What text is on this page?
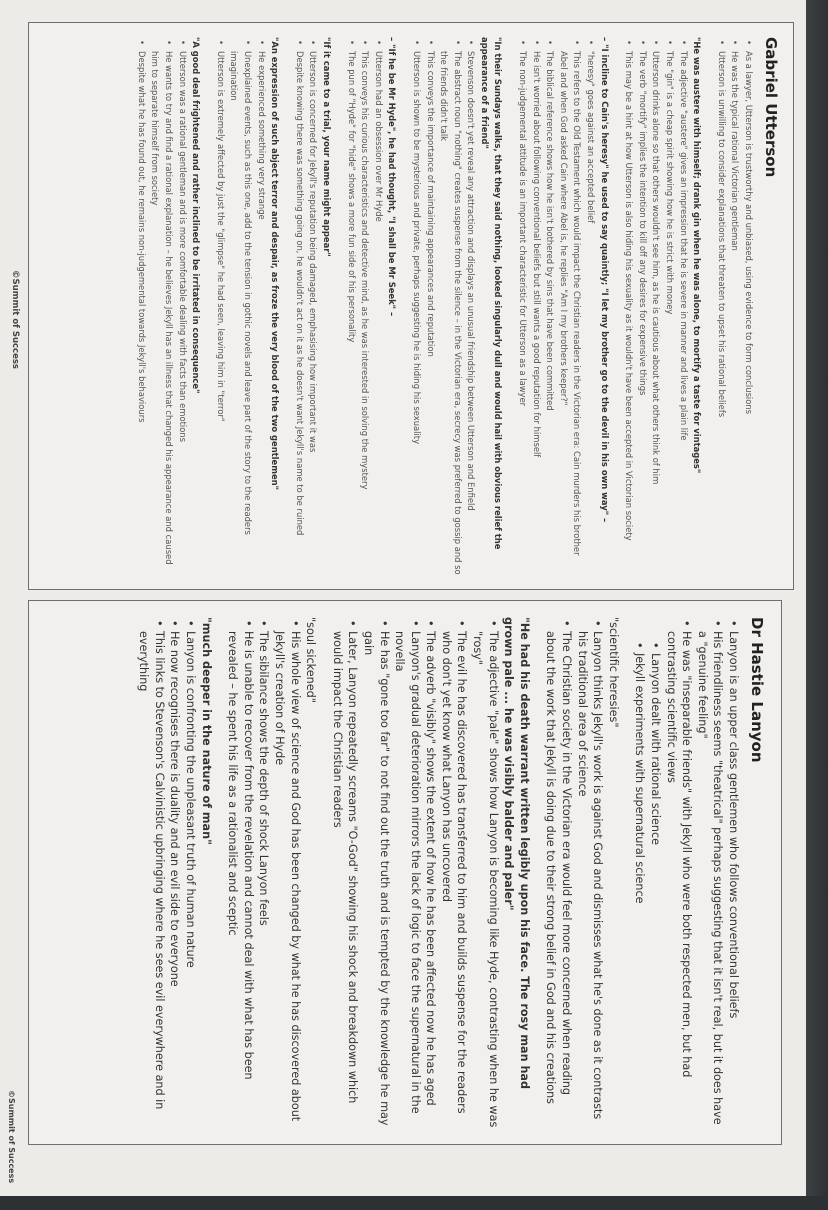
Gabriel Utterson
• As a lawyer, Utterson is trustworthy and unbiased, using evidence to form conclusions
• He was the typical rational Victorian gentleman
• Utterson is unwilling to consider explanations that threaten to upset his rational beliefs
"He was austere with himself; drank gin when he was alone, to mortify a taste for vintages"
• The adjective "austere" gives an impression that he is severe in manner and lives a plain life
• The "gin" is a cheap spirit showing how he is strict with money
• Utterson drinks alone so that others wouldn't see him, as he is cautious about what others think of him
• The verb "mortify" implies the intention to kill off any desires for expensive things
• This may be a hint at how Utterson is also hiding his sexuality as it wouldn't have been accepted in Victorian society
– "I incline to Cain's heresy" he used to say quaintly; "I let my brother go to the devil in his own way" –
• "heresy" goes against an accepted belief
• This refers to the Old Testament which would impact the Christian readers in the Victorian era: Cain murders his brother Abel and when God asked Cain where Abel is, he replies "Am I my brothers keeper?"
• The biblical reference shows how he isn't bothered by sins that have been committed
• He isn't worried about following conventional beliefs but still wants a good reputation for himself
• The non-judgemental attitude is an important characteristic for Utterson as a lawyer
"In their Sundays walks, that they said nothing, looked singularly dull and would hail with obvious relief the appearance of a friend"
• Stevenson doesn't yet reveal any attraction and displays an unusual friendship between Utterson and Enfield
• The abstract noun "nothing" creates suspense from the silence – in the Victorian era, secrecy was preferred to gossip and so the friends didn't talk
• This conveys the importance of maintaining appearances and reputation
• Utterson is shown to be mysterious and private, perhaps suggesting he is hiding his sexuality
– "If he be Mr Hyde", he had thought, "I shall be Mr Seek" –
• Utterson had an obsession over Mr Hyde
• This conveys his curious characteristics and detective mind, as he was interested in solving the mystery
• The pun of "Hyde" for "hide" shows a more fun side of his personality
"If it came to a trial, your name might appear"
• Utterson is concerned for Jekyll's reputation being damaged, emphasising how important it was
• Despite knowing there was something going on, he wouldn't act on it as he doesn't want Jekyll's name to be ruined
"An expression of such abject terror and despair, as froze the very blood of the two gentlemen"
• He experienced something very strange
• Unexplained events, such as this one, add to the tension in gothic novels and leave part of the story to the readers imagination
• Utterson is extremely affected by just the "glimpse" he had seen, leaving him in "terror"
"A good deal frightened and rather inclined to be irritated in consequence"
• Utterson was a rational gentleman and is more comfortable dealing with facts than emotions
• He wants to try and find a rational explanation – he believes Jekyll has an illness that changed his appearance and caused him to separate himself from society
• Despite what he has found out, he remains non-judgemental towards Jekyll's behaviours
©Summit of Success
Dr Hastie Lanyon
• Lanyon is an upper class gentlemen who follows conventional beliefs
• His friendliness seems "theatrical" perhaps suggesting that it isn't real, but it does have a "genuine feeling"
• He was "inseparable friends" with Jekyll who were both respected men, but had contrasting scientific views
• Lanyon dealt with rational science
• Jekyll experiments with supernatural science
"scientific heresies"
• Lanyon thinks Jekyll's work is against God and dismisses what he's done as it contrasts his traditional area of science
• The Christian society in the Victorian era would feel more concerned when reading about the work that Jekyll is doing due to their strong belief in God and his creations
"He had his death warrant written legibly upon his face. The rosy man had grown pale ... he was visibly balder and paler"
• The adjective "pale" shows how Lanyon is becoming like Hyde, contrasting when he was "rosy"
• The evil he has discovered has transferred to him and builds suspense for the readers who don't yet know what Lanyon has uncovered
• The adverb "visibly" shows the extent of how he has been affected now he has aged
• Lanyon's gradual deterioration mirrors the lack of logic to face the supernatural in the novella
• He has "gone too far" to not find out the truth and is tempted by the knowledge he may gain
• Later, Lanyon repeatedly screams "O-God" showing his shock and breakdown which would impact the Christian readers
"soul sickened"
• His whole view of science and God has been changed by what he has discovered about Jekyll's creation of Hyde
• The sibilance shows the depth of shock Lanyon feels
• He is unable to recover from the revelation and cannot deal with what has been revealed – he spent his life as a rationalist and sceptic
"much deeper in the nature of man"
• Lanyon is confronting the unpleasant truth of human nature
• He now recognises there is duality and an evil side to everyone
• This links to Stevenson's Calvinistic upbringing where he sees evil everywhere and in everything
©Summit of Success
